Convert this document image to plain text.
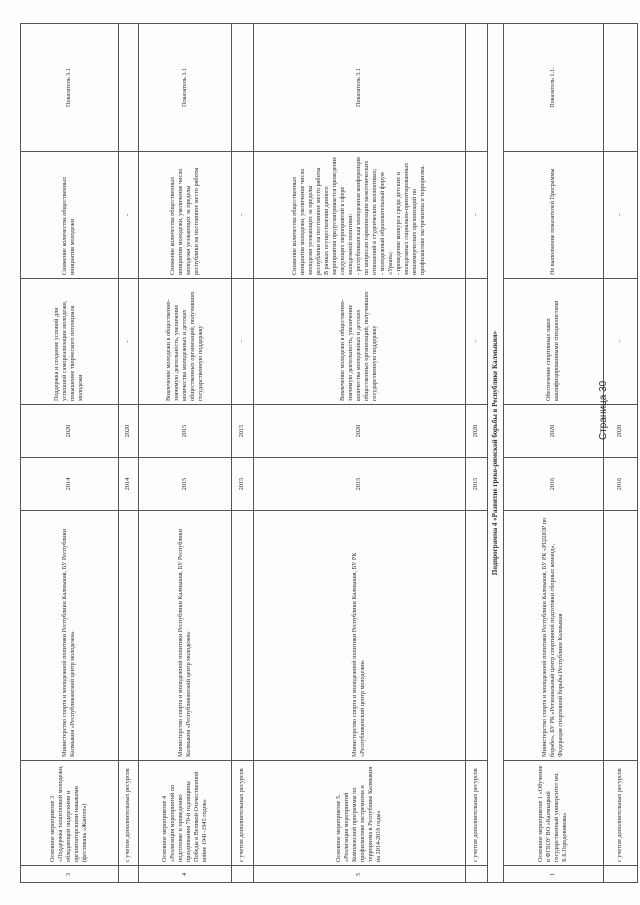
3
Основное мероприятие 3 «Поддержка талантливой молодежи, обладающей лидерскими и организаторскими навыками (фестиваль «Жанглэ»)
Министерство спорта и молодежной политики Республики Калмыкия, БУ Республики Калмыкия «Республиканский центр молодежи»
2014
2020
Поддержка и создание условий для успешной самореализации молодежи, повышение творческого потенциала молодежи
Снижение количества общественных инициатив молодежи
Показатель 3.1
с учетом дополнительных ресурсов
2014
2020
-
-
4
Основное мероприятие 4 «Реализация мероприятий по подготовке и проведению празднования 70-й годовщины Победы в Великой Отечественной войне 1941-1945 годов»
Министерство спорта и молодежной политики Республики Калмыкия, БУ Республики Калмыкия «Республиканский центр молодежи»
2015
2015
Вовлечение молодежи в общественно-значимую деятельность, увеличение количества молодежных и детских общественных организаций, получивших государственную поддержку
Снижение количества общественных инициатив молодежи, увеличение числа молодежи уезжающих за пределы республики на постоянное место работы
Показатель 3.1
с учетом дополнительных ресурсов
2015
2015
-
-
5
Основное мероприятие 5. «Реализация мероприятий Комплексной программы по профилактике экстремизма и терроризма в Республике Калмыкия на 2014-2016 годы»
Министерство спорта и молодежной политики Республики Калмыкия, БУ РК «Республиканский центр молодежи»
2015
2020
Вовлечение молодежи в общественно-значимую деятельность, увеличение количества молодежных и детских общественных организаций, получивших государственную поддержку
Снижение количества общественных инициатив молодежи, увеличение числа молодежи уезжающих за пределы республики на постоянное место работы
В рамках осуществления данного мероприятия предусматривается проведение следующих мероприятий в сфере молодежной политики:
- республиканская молодежная конференция по вопросам гармонизации межэтнических отношений в студенческих коллективах;
- молодежный образовательный форум «Ураан»;
- проведение конкурса среди детских и молодежных социально-ориентированных некоммерческих организаций по профилактике экстремизма и терроризма.
Показатель 3.1
с учетом дополнительных ресурсов
2015
2020
-
-
Подпрограмма 4 «Развитие греко-римской борьбы в Республике Калмыкия»
1
Основное мероприятие 1 «Обучение в ФГБОУ ВО «Калмыцкий государственный университет им. Б.Б.Городовикова»
Министерство спорта и молодежной политики Республики Калмыкия, БУ РК «РЦШОР по борьбе», БУ РК «Региональный центр спортивной подготовки сборных команд», Федерация спортивной борьбы Республики Калмыкия
2016
2020
Обеспечение спортивных школ квалифицированными специалистами
Не выполнение показателей Программы
Показатель 1.1.
с учетом дополнительных ресурсов
2016
2020
-
-
Страница 30
